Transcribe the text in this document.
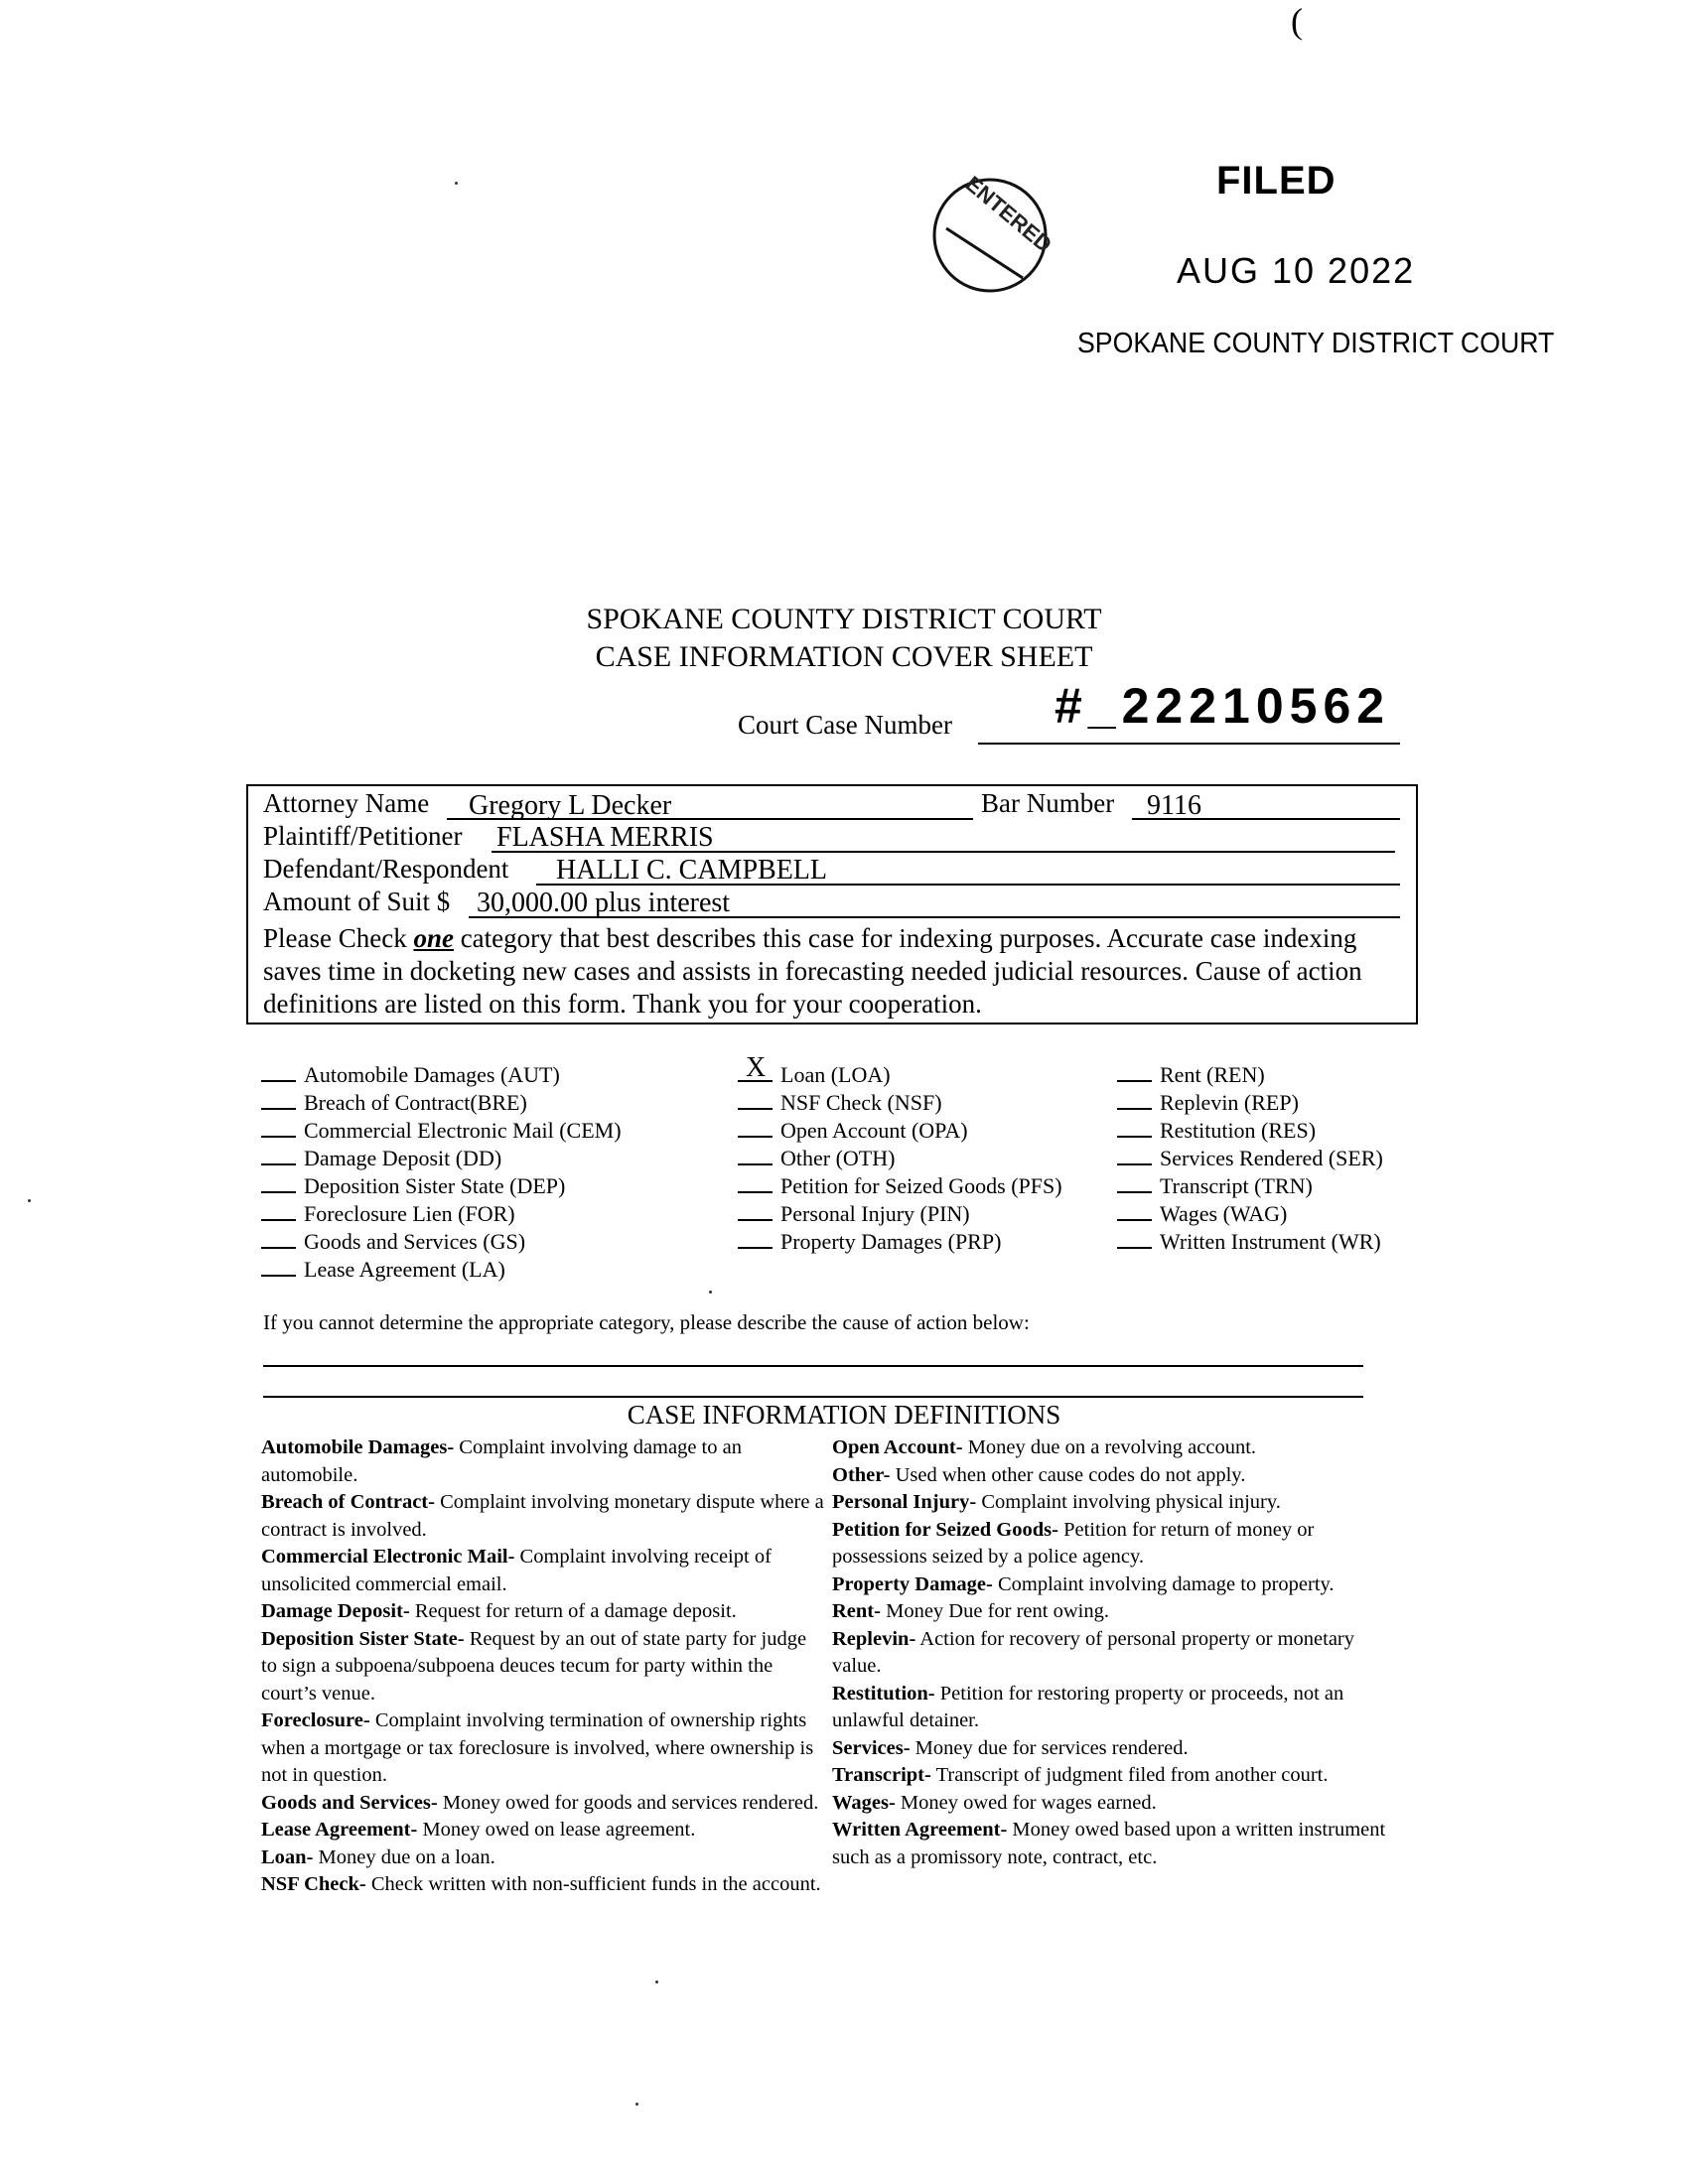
(
ENTERED	FILED
AUG 10 2022
SPOKANE COUNTY DISTRICT COURT
SPOKANE COUNTY DISTRICT COURT
CASE INFORMATION COVER SHEET
Court Case Number #_22210562
Attorney Name Gregory L Decker	Bar Number 9116
Plaintiff/Petitioner FLASHA MERRIS
Defendant/Respondent HALLI C. CAMPBELL
Amount of Suit $ 30,000.00 plus interest
Please Check one category that best describes this case for indexing purposes. Accurate case indexing saves time in docketing new cases and assists in forecasting needed judicial resources. Cause of action definitions are listed on this form. Thank you for your cooperation.
Automobile Damages (AUT)
Breach of Contract(BRE)
Commercial Electronic Mail (CEM)
Damage Deposit (DD)
Deposition Sister State (DEP)
Foreclosure Lien (FOR)
Goods and Services (GS)
Lease Agreement (LA)
X Loan (LOA)
NSF Check (NSF)
Open Account (OPA)
Other (OTH)
Petition for Seized Goods (PFS)
Personal Injury (PIN)
Property Damages (PRP)
Rent (REN)
Replevin (REP)
Restitution (RES)
Services Rendered (SER)
Transcript (TRN)
Wages (WAG)
Written Instrument (WR)
If you cannot determine the appropriate category, please describe the cause of action below:
CASE INFORMATION DEFINITIONS

Automobile Damages- Complaint involving damage to an automobile.

Breach of Contract- Complaint involving monetary dispute where a contract is involved.

Commercial Electronic Mail- Complaint involving receipt of unsolicited commercial email.

Damage Deposit- Request for return of a damage deposit.

Deposition Sister State- Request by an out of state party for judge to sign a subpoena/subpoena deuces tecum for party within the court’s venue.

Foreclosure- Complaint involving termination of ownership rights when a mortgage or tax foreclosure is involved, where ownership is not in question.

Goods and Services- Money owed for goods and services rendered.

Lease Agreement- Money owed on lease agreement.

Loan- Money due on a loan.

NSF Check- Check written with non-sufficient funds in the account.

Open Account- Money due on a revolving account.

Other- Used when other cause codes do not apply.

Personal Injury- Complaint involving physical injury.

Petition for Seized Goods- Petition for return of money or possessions seized by a police agency.

Property Damage- Complaint involving damage to property.

Rent- Money Due for rent owing.

Replevin- Action for recovery of personal property or monetary value.

Restitution- Petition for restoring property or proceeds, not an unlawful detainer.

Services- Money due for services rendered.

Transcript- Transcript of judgment filed from another court.

Wages- Money owed for wages earned.

Written Agreement- Money owed based upon a written instrument such as a promissory note, contract, etc.
